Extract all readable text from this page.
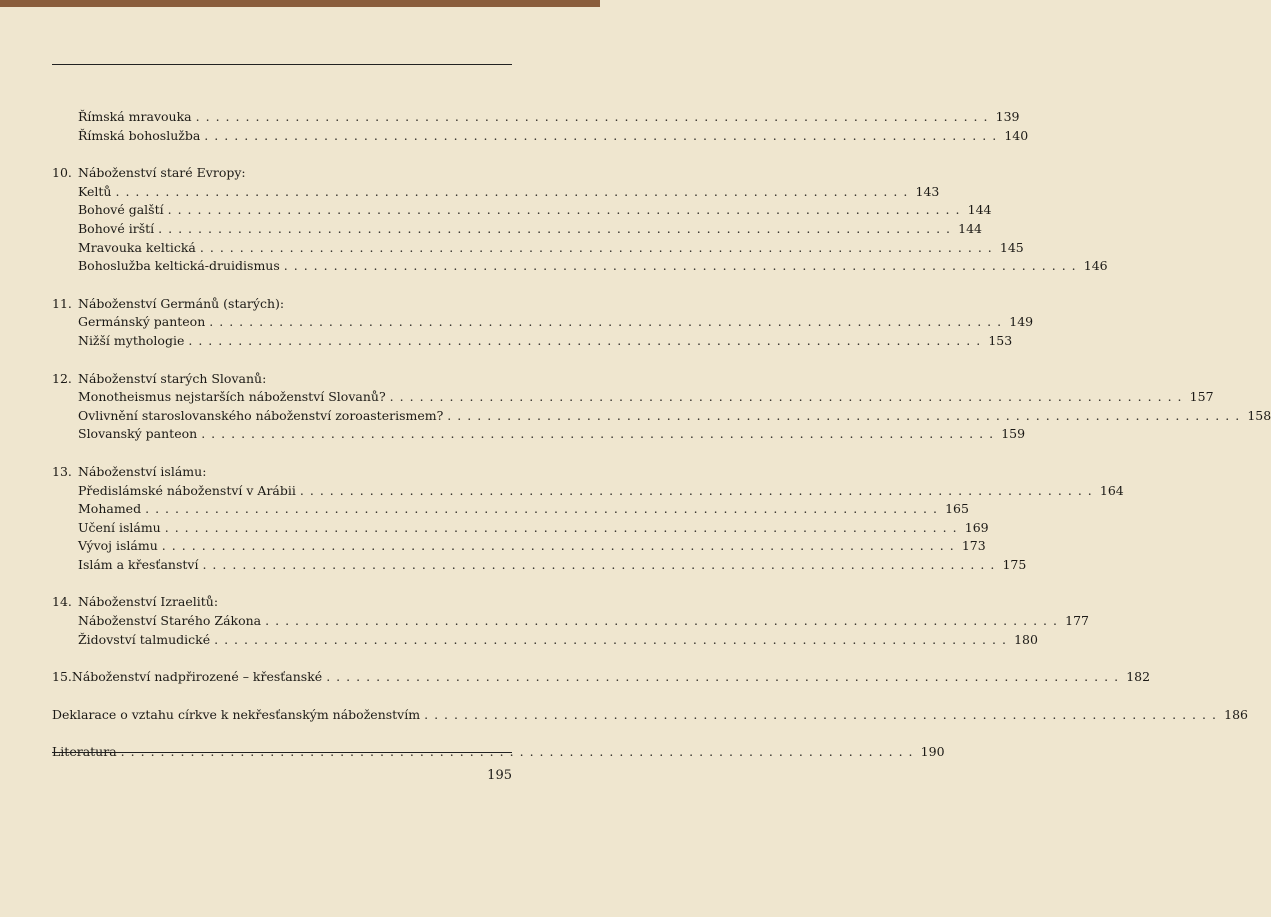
Římská mravouka ................................................................................ 139
Římská bohoslužba ................................................................................ 140
10. Náboženství staré Evropy:
Keltů ................................................................................ 143
Bohové galští ................................................................................ 144
Bohové irští ................................................................................ 144
Mravouka keltická ................................................................................ 145
Bohoslužba keltická-druidismus ................................................................................ 146
11. Náboženství Germánů (starých):
Germánský panteon ................................................................................ 149
Nižší mythologie ................................................................................ 153
12. Náboženství starých Slovanů:
Monotheismus nejstarších náboženství Slovanů? ................................................................................ 157
Ovlivnění staroslovanského náboženství zoroasterismem? ................................................................................ 158
Slovanský panteon ................................................................................ 159
13. Náboženství islámu:
Předislámské náboženství v Arábii ................................................................................ 164
Mohamed ................................................................................ 165
Učení islámu ................................................................................ 169
Vývoj islámu ................................................................................ 173
Islám a křesťanství ................................................................................ 175
14. Náboženství Izraelitů:
Náboženství Starého Zákona ................................................................................ 177
Židovství talmudické ................................................................................ 180
15. Náboženství nadpřirozené – křesťanské ................................................................................ 182
Deklarace o vztahu církve k nekřesťanským náboženstvím ................................................................................ 186
Literatura ................................................................................ 190
195
